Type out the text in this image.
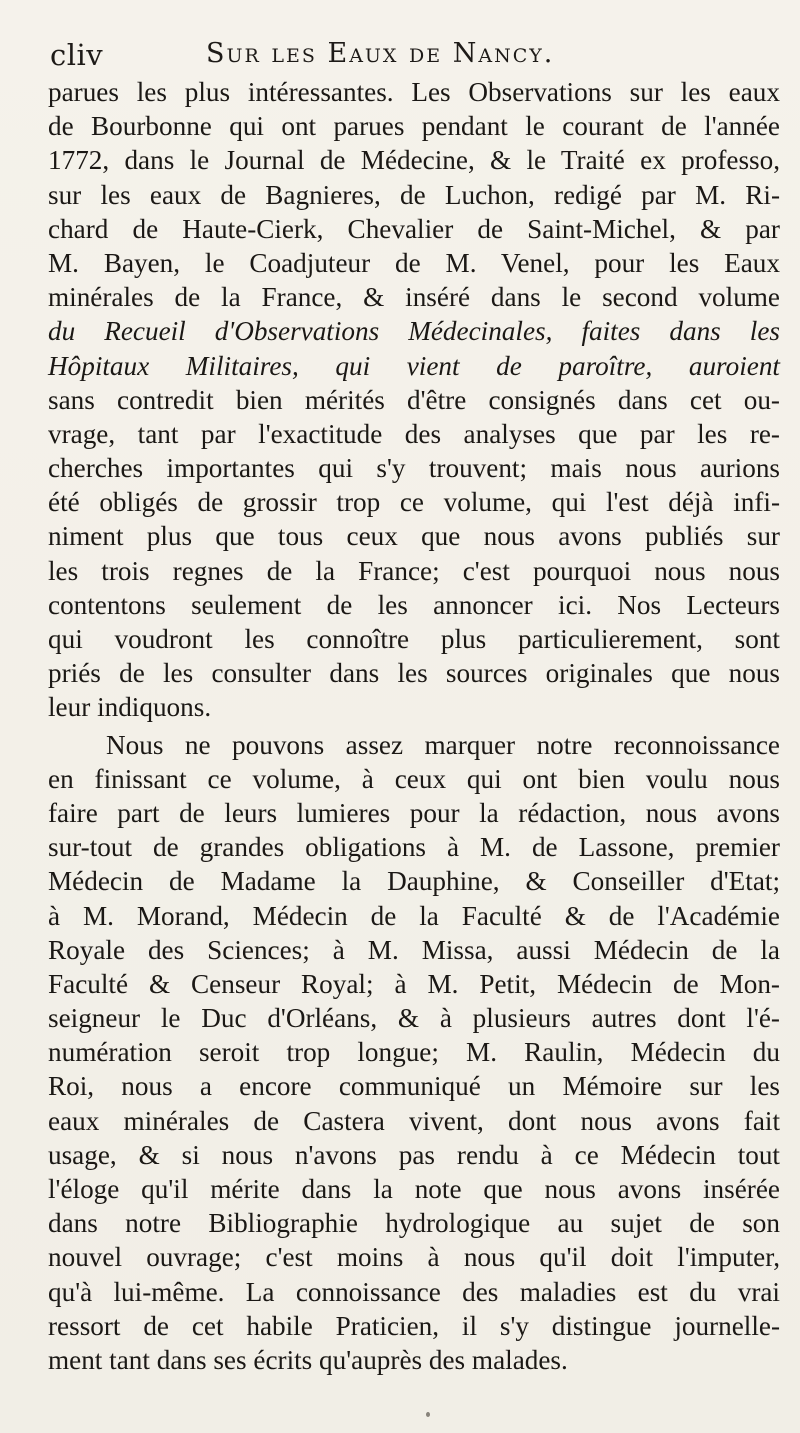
cliv	Sur les Eaux de Nancy.
parues les plus intéressantes. Les Observations sur les eaux
de Bourbonne qui ont parues pendant le courant de l'année
1772, dans le Journal de Médecine, & le Traité ex professo,
sur les eaux de Bagnieres, de Luchon, redigé par M. Ri-
chard de Haute-Cierk, Chevalier de Saint-Michel, & par
M. Bayen, le Coadjuteur de M. Venel, pour les Eaux
minérales de la France, & inséré dans le second volume
du Recueil d'Observations Médecinales, faites dans les
Hôpitaux Militaires, qui vient de paroître, auroient
sans contredit bien mérités d'être consignés dans cet ou-
vrage, tant par l'exactitude des analyses que par les re-
cherches importantes qui s'y trouvent; mais nous aurions
été obligés de grossir trop ce volume, qui l'est déjà infi-
niment plus que tous ceux que nous avons publiés sur
les trois regnes de la France; c'est pourquoi nous nous
contentons seulement de les annoncer ici. Nos Lecteurs
qui voudront les connoître plus particulierement, sont
priés de les consulter dans les sources originales que nous
leur indiquons.
Nous ne pouvons assez marquer notre reconnoissance
en finissant ce volume, à ceux qui ont bien voulu nous
faire part de leurs lumieres pour la rédaction, nous avons
sur-tout de grandes obligations à M. de Lassone, premier
Médecin de Madame la Dauphine, & Conseiller d'Etat;
à M. Morand, Médecin de la Faculté & de l'Académie
Royale des Sciences; à M. Missa, aussi Médecin de la
Faculté & Censeur Royal; à M. Petit, Médecin de Mon-
seigneur le Duc d'Orléans, & à plusieurs autres dont l'é-
numération seroit trop longue; M. Raulin, Médecin du
Roi, nous a encore communiqué un Mémoire sur les
eaux minérales de Castera vivent, dont nous avons fait
usage, & si nous n'avons pas rendu à ce Médecin tout
l'éloge qu'il mérite dans la note que nous avons insérée
dans notre Bibliographie hydrologique au sujet de son
nouvel ouvrage; c'est moins à nous qu'il doit l'imputer,
qu'à lui-même. La connoissance des maladies est du vrai
ressort de cet habile Praticien, il s'y distingue journelle-
ment tant dans ses écrits qu'auprès des malades.
